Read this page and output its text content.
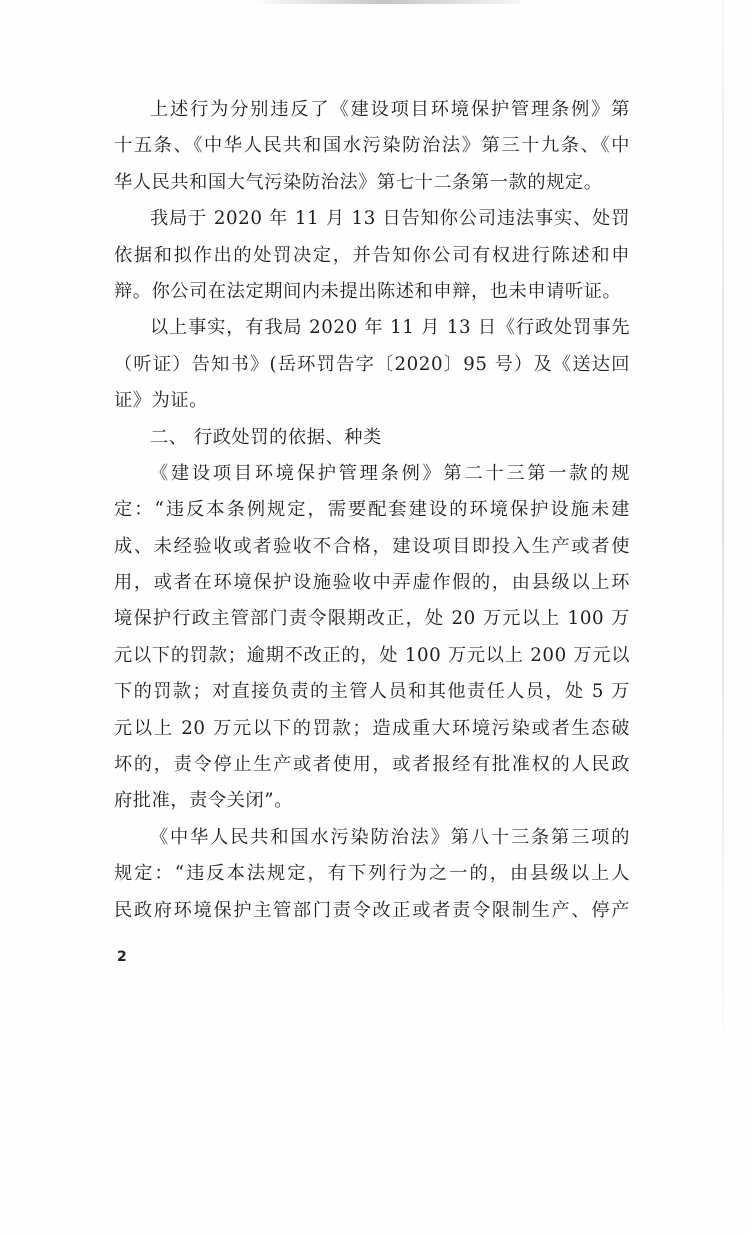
上述行为分别违反了《建设项目环境保护管理条例》第
十五条、《中华人民共和国水污染防治法》第三十九条、《中
华人民共和国大气污染防治法》第七十二条第一款的规定。
我局于 2020 年 11 月 13 日告知你公司违法事实、处罚
依据和拟作出的处罚决定，并告知你公司有权进行陈述和申
辩。你公司在法定期间内未提出陈述和申辩，也未申请听证。
以上事实，有我局 2020 年 11 月 13 日《行政处罚事先
（听证）告知书》(岳环罚告字〔2020〕95 号）及《送达回
证》为证。
二、 行政处罚的依据、种类
《建设项目环境保护管理条例》第二十三第一款的规
定：“违反本条例规定，需要配套建设的环境保护设施未建
成、未经验收或者验收不合格，建设项目即投入生产或者使
用，或者在环境保护设施验收中弄虚作假的，由县级以上环
境保护行政主管部门责令限期改正，处 20 万元以上 100 万
元以下的罚款；逾期不改正的，处 100 万元以上 200 万元以
下的罚款；对直接负责的主管人员和其他责任人员，处 5 万
元以上 20 万元以下的罚款；造成重大环境污染或者生态破
坏的，责令停止生产或者使用，或者报经有批准权的人民政
府批准，责令关闭”。
《中华人民共和国水污染防治法》第八十三条第三项的
规定：“违反本法规定，有下列行为之一的，由县级以上人
民政府环境保护主管部门责令改正或者责令限制生产、停产
2
